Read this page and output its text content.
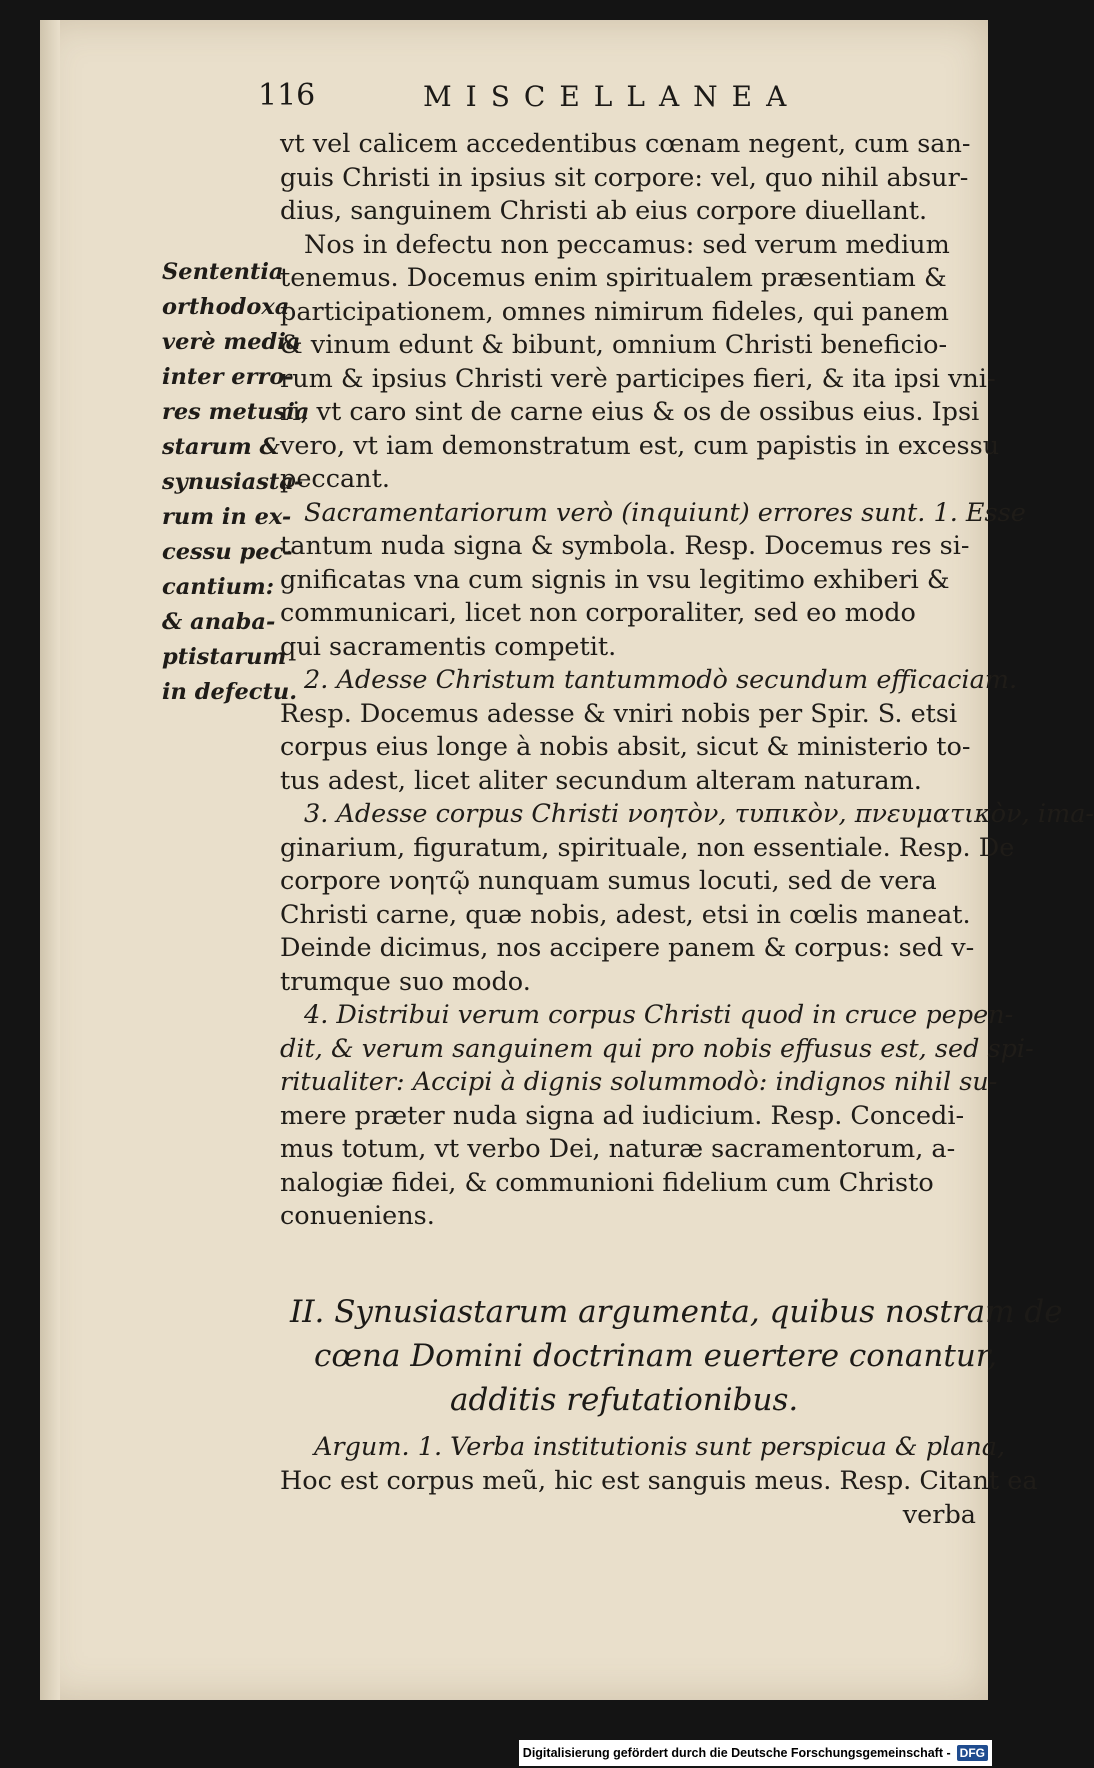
116	MISCELLANEA
Sententia
orthodoxa
verè media
inter erro-
res metusia
starum &
synusiasta-
rum in ex-
cessu pec-
cantium:
& anaba-
ptistarum
in defectu.
vt vel calicem accedentibus cœnam negent, cum san-
guis Christi in ipsius sit corpore: vel, quo nihil absur-
dius, sanguinem Christi ab eius corpore diuellant.
Nos in defectu non peccamus: sed verum medium
tenemus. Docemus enim spiritualem præsentiam &
participationem, omnes nimirum fideles, qui panem
& vinum edunt & bibunt, omnium Christi beneficio-
rum & ipsius Christi verè participes fieri, & ita ipsi vni-
ri, vt caro sint de carne eius & os de ossibus eius. Ipsi
vero, vt iam demonstratum est, cum papistis in excessu
peccant.
Sacramentariorum verò (inquiunt) errores sunt. 1. Esse
tantum nuda signa & symbola. Resp. Docemus res si-
gnificatas vna cum signis in vsu legitimo exhiberi &
communicari, licet non corporaliter, sed eo modo
qui sacramentis competit.
2. Adesse Christum tantummodò secundum efficaciam.
Resp. Docemus adesse & vniri nobis per Spir. S. etsi
corpus eius longe à nobis absit, sicut & ministerio to-
tus adest, licet aliter secundum alteram naturam.
3. Adesse corpus Christi νοητὸν, τυπικὸν, πνευματικὸν, ima-
ginarium, figuratum, spirituale, non essentiale. Resp. De
corpore νοητῷ nunquam sumus locuti, sed de vera
Christi carne, quæ nobis, adest, etsi in cœlis maneat.
Deinde dicimus, nos accipere panem & corpus: sed v-
trumque suo modo.
4. Distribui verum corpus Christi quod in cruce pepen-
dit, & verum sanguinem qui pro nobis effusus est, sed spi-
ritualiter: Accipi à dignis solummodò: indignos nihil su-
mere præter nuda signa ad iudicium. Resp. Concedi-
mus totum, vt verbo Dei, naturæ sacramentorum, a-
nalogiæ fidei, & communioni fidelium cum Christo
conueniens.
II. Synusiastarum argumenta, quibus nostram de
cœna Domini doctrinam euertere conantur,
additis refutationibus.
Argum. 1. Verba institutionis sunt perspicua & plana,
Hoc est corpus meũ, hic est sanguis meus. Resp. Citant ea
verba
Digitalisierung gefördert durch die Deutsche Forschungsgemeinschaft - DFG
